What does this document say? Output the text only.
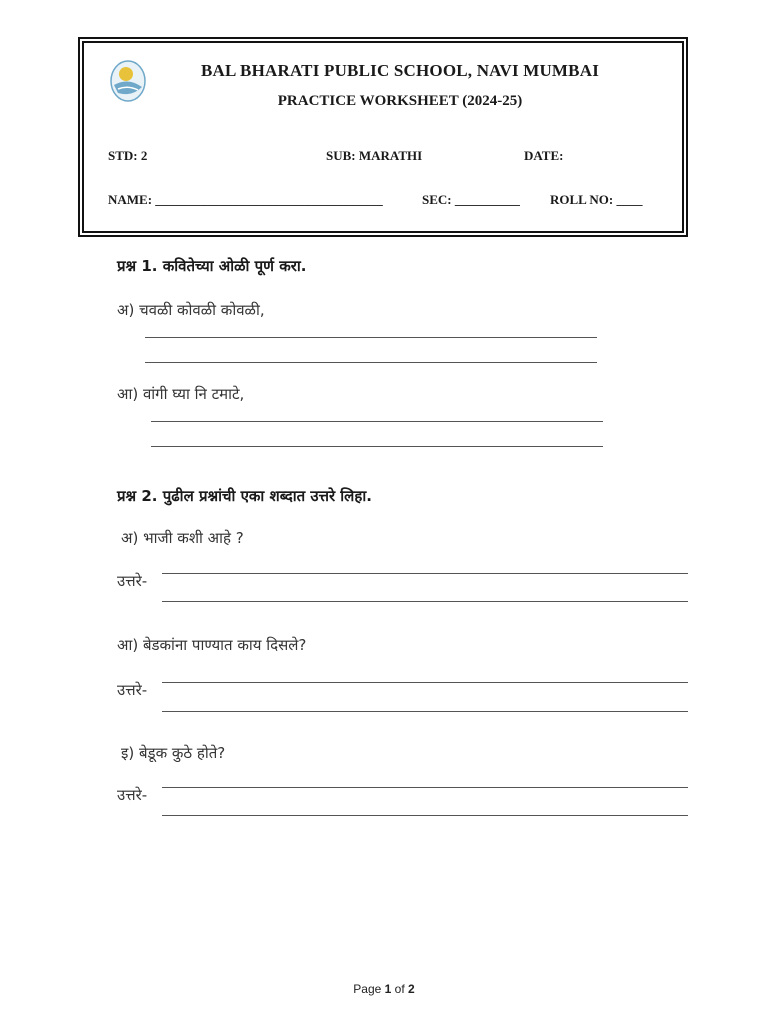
BAL BHARATI PUBLIC SCHOOL, NAVI MUMBAI
PRACTICE WORKSHEET (2024-25)
STD: 2	SUB: MARATHI	DATE:
NAME: ___________________________________	SEC: __________ ROLL NO: ____
प्रश्न 1. कवितेच्या ओळी पूर्ण करा.
अ) चवळी कोवळी कोवळी,
आ) वांगी घ्या नि टमाटे,
प्रश्न 2. पुढील प्रश्नांची एका शब्दात उत्तरे लिहा.
अ) भाजी कशी आहे ?
उत्तरे-
आ) बेडकांना पाण्यात काय दिसले?
उत्तरे-
इ) बेडूक कुठे होते?
उत्तरे-
Page 1 of 2
